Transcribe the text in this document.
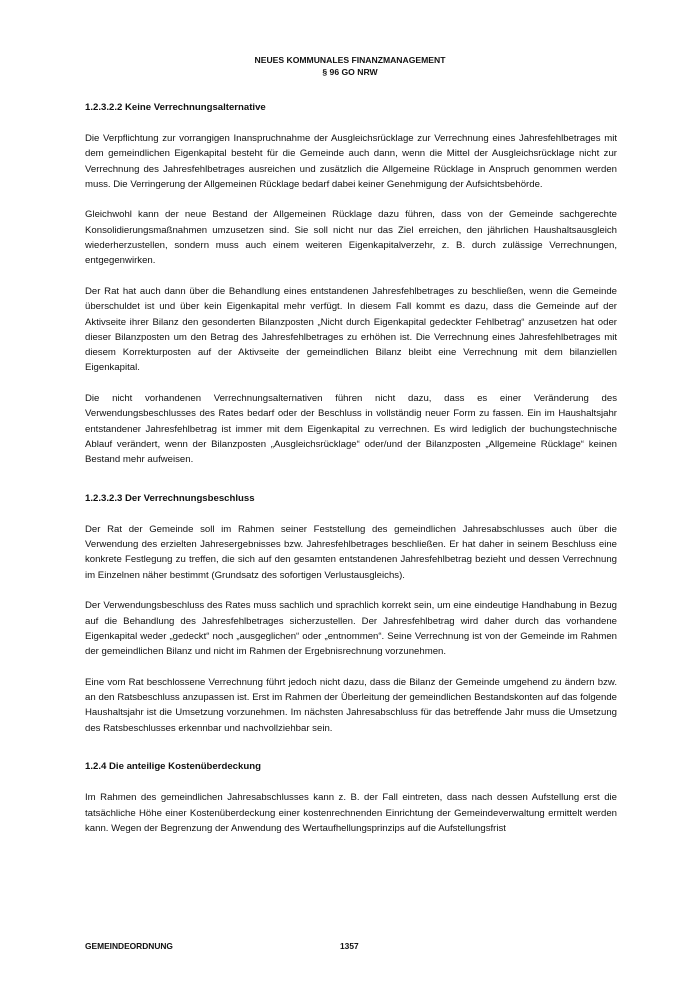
NEUES KOMMUNALES FINANZMANAGEMENT
§ 96 GO NRW
1.2.3.2.2 Keine Verrechnungsalternative

Die Verpflichtung zur vorrangigen Inanspruchnahme der Ausgleichsrücklage zur Verrechnung eines Jahresfehlbetrages mit dem gemeindlichen Eigenkapital besteht für die Gemeinde auch dann, wenn die Mittel der Ausgleichsrücklage nicht zur Verrechnung des Jahresfehlbetrages ausreichen und zusätzlich die Allgemeine Rücklage in Anspruch genommen werden muss. Die Verringerung der Allgemeinen Rücklage bedarf dabei keiner Genehmigung der Aufsichtsbehörde.

Gleichwohl kann der neue Bestand der Allgemeinen Rücklage dazu führen, dass von der Gemeinde sachgerechte Konsolidierungsmaßnahmen umzusetzen sind. Sie soll nicht nur das Ziel erreichen, den jährlichen Haushaltsausgleich wiederherzustellen, sondern muss auch einem weiteren Eigenkapitalverzehr, z. B. durch zulässige Verrechnungen, entgegenwirken.

Der Rat hat auch dann über die Behandlung eines entstandenen Jahresfehlbetrages zu beschließen, wenn die Gemeinde überschuldet ist und über kein Eigenkapital mehr verfügt. In diesem Fall kommt es dazu, dass die Gemeinde auf der Aktivseite ihrer Bilanz den gesonderten Bilanzposten „Nicht durch Eigenkapital gedeckter Fehlbetrag“ anzusetzen hat oder dieser Bilanzposten um den Betrag des Jahresfehlbetrages zu erhöhen ist. Die Verrechnung eines Jahresfehlbetrages mit diesem Korrekturposten auf der Aktivseite der gemeindlichen Bilanz bleibt eine Verrechnung mit dem bilanziellen Eigenkapital.

Die nicht vorhandenen Verrechnungsalternativen führen nicht dazu, dass es einer Veränderung des Verwendungsbeschlusses des Rates bedarf oder der Beschluss in vollständig neuer Form zu fassen. Ein im Haushaltsjahr entstandener Jahresfehlbetrag ist immer mit dem Eigenkapital zu verrechnen. Es wird lediglich der buchungstechnische Ablauf verändert, wenn der Bilanzposten „Ausgleichsrücklage“ oder/und der Bilanzposten „Allgemeine Rücklage“ keinen Bestand mehr aufweisen.

1.2.3.2.3 Der Verrechnungsbeschluss

Der Rat der Gemeinde soll im Rahmen seiner Feststellung des gemeindlichen Jahresabschlusses auch über die Verwendung des erzielten Jahresergebnisses bzw. Jahresfehlbetrages beschließen. Er hat daher in seinem Beschluss eine konkrete Festlegung zu treffen, die sich auf den gesamten entstandenen Jahresfehlbetrag bezieht und dessen Verrechnung im Einzelnen näher bestimmt (Grundsatz des sofortigen Verlustausgleichs).

Der Verwendungsbeschluss des Rates muss sachlich und sprachlich korrekt sein, um eine eindeutige Handhabung in Bezug auf die Behandlung des Jahresfehlbetrages sicherzustellen. Der Jahresfehlbetrag wird daher durch das vorhandene Eigenkapital weder „gedeckt“ noch „ausgeglichen“ oder „entnommen“. Seine Verrechnung ist von der Gemeinde im Rahmen der gemeindlichen Bilanz und nicht im Rahmen der Ergebnisrechnung vorzunehmen.

Eine vom Rat beschlossene Verrechnung führt jedoch nicht dazu, dass die Bilanz der Gemeinde umgehend zu ändern bzw. an den Ratsbeschluss anzupassen ist. Erst im Rahmen der Überleitung der gemeindlichen Bestandskonten auf das folgende Haushaltsjahr ist die Umsetzung vorzunehmen. Im nächsten Jahresabschluss für das betreffende Jahr muss die Umsetzung des Ratsbeschlusses erkennbar und nachvollziehbar sein.

1.2.4 Die anteilige Kostenüberdeckung

Im Rahmen des gemeindlichen Jahresabschlusses kann z. B. der Fall eintreten, dass nach dessen Aufstellung erst die tatsächliche Höhe einer Kostenüberdeckung einer kostenrechnenden Einrichtung der Gemeindeverwaltung ermittelt werden kann. Wegen der Begrenzung der Anwendung des Wertaufhellungsprinzips auf die Aufstellungsfrist

GEMEINDEORDNUNG	1357
